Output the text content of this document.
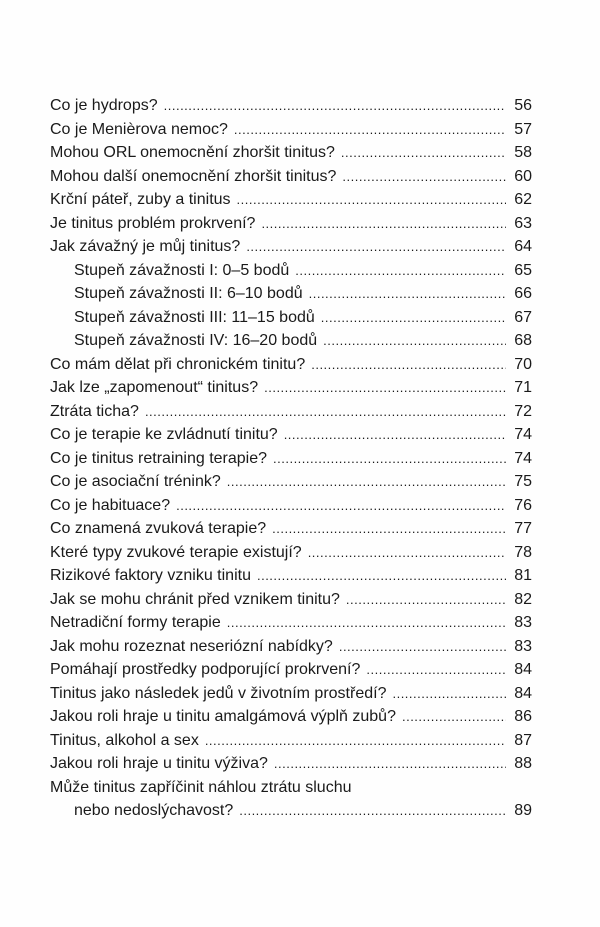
Co je hydrops? .....	56
Co je Menièrova nemoc? .....	57
Mohou ORL onemocnění zhoršit tinitus? .....	58
Mohou další onemocnění zhoršit tinitus? .....	60
Krční páteř, zuby a tinitus .....	62
Je tinitus problém prokrvení? .....	63
Jak závažný je můj tinitus? .....	64
Stupeň závažnosti I: 0–5 bodů .....	65
Stupeň závažnosti II: 6–10 bodů .....	66
Stupeň závažnosti III: 11–15 bodů .....	67
Stupeň závažnosti IV: 16–20 bodů .....	68
Co mám dělat při chronickém tinitu? .....	70
Jak lze „zapomenout“ tinitus? .....	71
Ztráta ticha? .....	72
Co je terapie ke zvládnutí tinitu? .....	74
Co je tinitus retraining terapie? .....	74
Co je asociační trénink? .....	75
Co je habituace? .....	76
Co znamená zvuková terapie? .....	77
Které typy zvukové terapie existují? .....	78
Rizikové faktory vzniku tinitu .....	81
Jak se mohu chránit před vznikem tinitu? .....	82
Netradiční formy terapie .....	83
Jak mohu rozeznat neseriózní nabídky? .....	83
Pomáhají prostředky podporující prokrvení? .....	84
Tinitus jako následek jedů v životním prostředí? .....	84
Jakou roli hraje u tinitu amalgámová výplň zubů? .....	86
Tinitus, alkohol a sex .....	87
Jakou roli hraje u tinitu výživa? .....	88
Může tinitus zapříčinit náhlou ztrátu sluchu
nebo nedoslýchavost? .....	89
